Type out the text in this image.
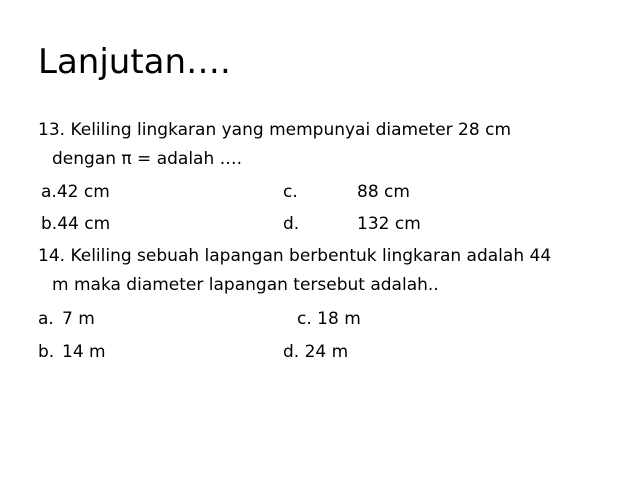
Lanjutan….
13. Keliling lingkaran yang mempunyai diameter 28 cm
dengan π = adalah ….
a.42 cm	c.	88 cm
b.44 cm	d.	132 cm
14. Keliling sebuah lapangan berbentuk lingkaran adalah 44
m maka diameter lapangan tersebut adalah..
a. 7 m	c. 18 m
b. 14 m	d. 24 m
